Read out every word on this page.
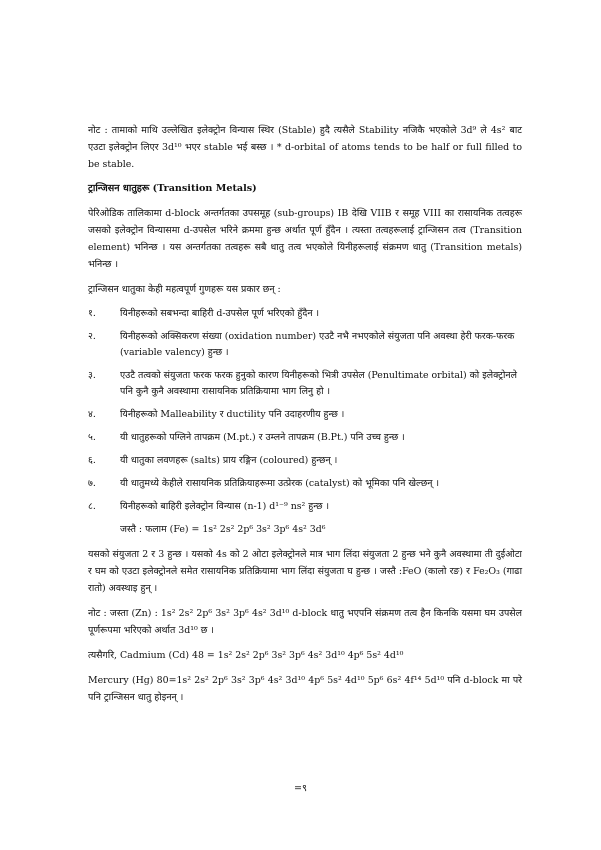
नोट : तामाको माथि उल्लेखित इलेक्ट्रोन विन्यास स्थिर (Stable) हुदै त्यसैले Stability नजिकै भएकोले 3d⁹ ले 4s² बाट एउटा इलेक्ट्रोन लिएर 3d¹⁰ भएर stable भई बस्छ । * d-orbital of atoms tends to be half or full filled to be stable.

ट्रान्जिसन धातुहरू (Transition Metals)

पेरिओडिक तालिकामा d-block अन्तर्गतका उपसमूह (sub-groups) IB देखि VIIB र समूह VIII का रासायनिक तत्वहरू जसको इलेक्ट्रोन विन्यासमा d-उपसेल भरिने क्रममा हुन्छ अर्थात पूर्ण हुँदैन । त्यस्ता तत्वहरूलाई ट्रान्जिसन तत्व (Transition element) भनिन्छ । यस अन्तर्गतका तत्वहरू सबै धातु तत्व भएकोले यिनीहरूलाई संक्रमण धातु (Transition metals) भनिन्छ ।

ट्रान्जिसन धातुका केही महत्वपूर्ण गुणहरू यस प्रकार छन् :

१.	यिनीहरूको सबभन्दा बाहिरी d-उपसेल पूर्ण भरिएको हुँदैन ।
२.	यिनीहरूको अक्सिकरण संख्या (oxidation number) एउटै नभै नभएकोले संयुजता पनि अवस्था हेरी फरक-फरक (variable valency) हुन्छ ।
३.	एउटै तत्वको संयुजता फरक फरक हुनुको कारण यिनीहरूको भित्री उपसेल (Penultimate orbital) को इलेक्ट्रोनले पनि कुनै कुनै अवस्थामा रासायनिक प्रतिक्रियामा भाग लिनु हो ।
४.	यिनीहरूको Malleability र ductility पनि उदाहरणीय हुन्छ ।
५.	यी धातुहरूको पग्लिने तापक्रम (M.pt.) र उम्लने तापक्रम (B.Pt.) पनि उच्च हुन्छ ।
६.	यी धातुका लवणहरू (salts) प्राय रङ्गिन (coloured) हुन्छन् ।
७.	यी धातुमध्ये केहीले रासायनिक प्रतिक्रियाहरूमा उत्प्रेरक (catalyst) को भूमिका पनि खेल्छन् ।
८.	यिनीहरूको बाहिरी इलेक्ट्रोन विन्यास (n-1) d¹⁻⁹ ns² हुन्छ ।

जस्तै : फलाम (Fe) = 1s² 2s² 2p⁶ 3s² 3p⁶ 4s² 3d⁶

यसको संयुजता 2 र 3 हुन्छ । यसको 4s को 2 ओटा इलेक्ट्रोनले मात्र भाग लिंदा संयुजता 2 हुन्छ भने कुनै अवस्थामा ती दुईओटा र घम को एउटा इलेक्ट्रोनले समेत रासायनिक प्रतिक्रियामा भाग लिंदा संयुजता घ हुन्छ । जस्तै :FeO (कालो रङ) र Fe₂O₃ (गाढा रातो) अवस्थाइ हुन् ।

नोट : जस्ता (Zn) : 1s² 2s² 2p⁶ 3s² 3p⁶ 4s² 3d¹⁰ d-block धातु भएपनि संक्रमण तत्व हैन किनकि यसमा घम उपसेल पूर्णरूपमा भरिएको अर्थात 3d¹⁰ छ ।

त्यसैगरि, Cadmium (Cd) 48 = 1s² 2s² 2p⁶ 3s² 3p⁶ 4s² 3d¹⁰ 4p⁶ 5s² 4d¹⁰

Mercury (Hg) 80=1s² 2s² 2p⁶ 3s² 3p⁶ 4s² 3d¹⁰ 4p⁶ 5s² 4d¹⁰ 5p⁶ 6s² 4f¹⁴ 5d¹⁰ पनि d-block मा परे पनि ट्रान्जिसन धातु होइनन् ।

=९
